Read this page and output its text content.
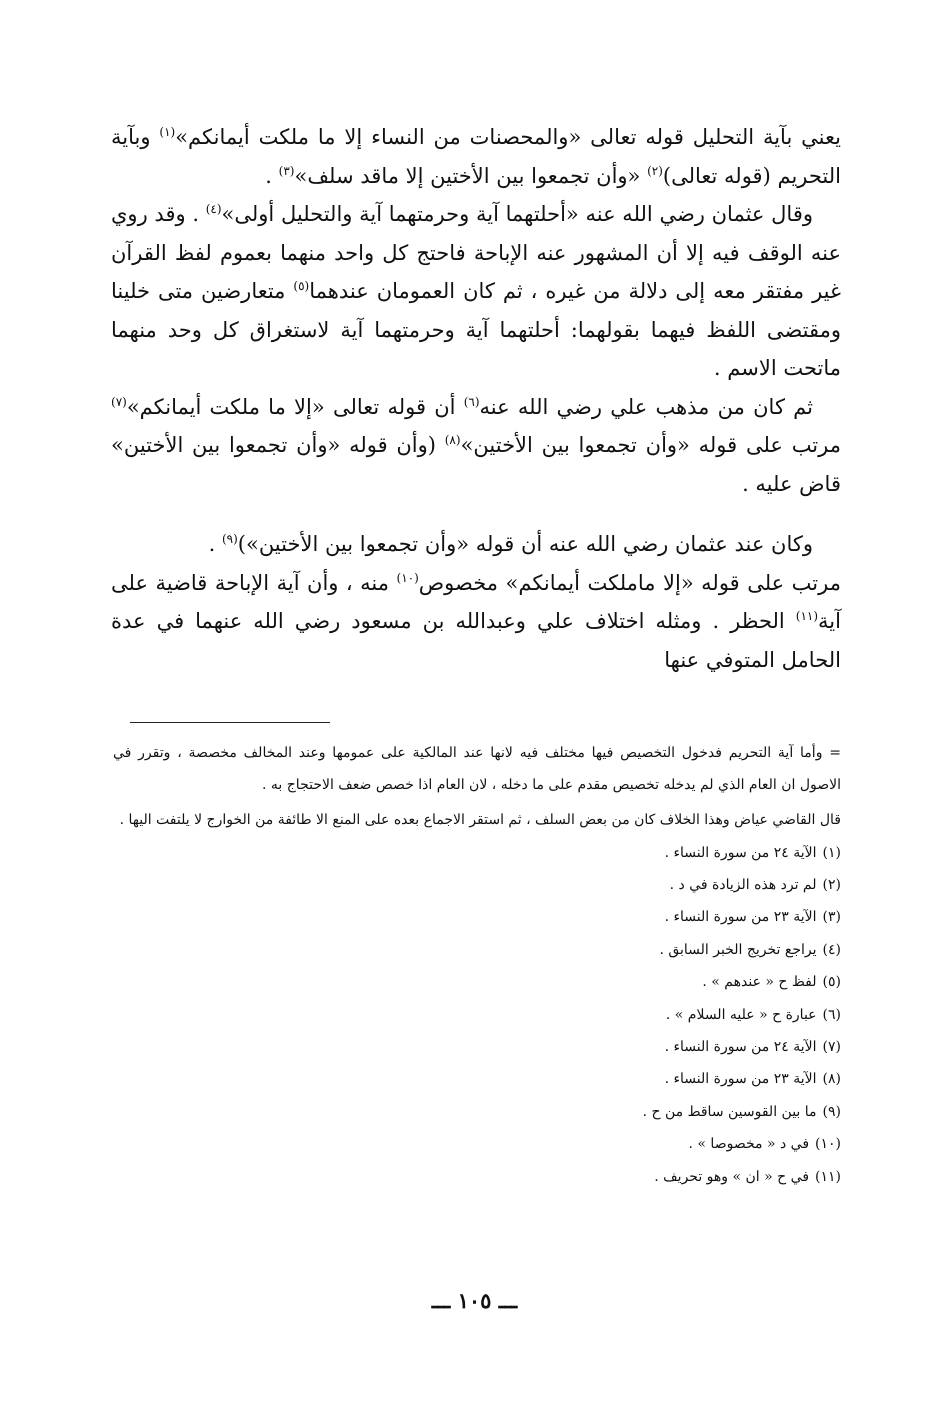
يعني بآية التحليل قوله تعالى «والمحصنات من النساء إلا ما ملكت أيمانكم»$^{(١)}$ وبآية التحريم (قوله تعالى)$^{(٢)}$ «وأن تجمعوا بين الأختين إلا ماقد سلف»$^{(٣)}$ .

وقال عثمان رضي الله عنه «أحلتهما آية وحرمتهما آية والتحليل أولى»$^{(٤)}$ . وقد روي عنه الوقف فيه إلا أن المشهور عنه الإباحة فاحتج كل واحد منهما بعموم لفظ القرآن غير مفتقر معه إلى دلالة من غيره ، ثم كان العمومان عندهما$^{(٥)}$ متعارضين متى خلينا ومقتضى اللفظ فيهما بقولهما: أحلتهما آية وحرمتهما آية لاستغراق كل وحد منهما ماتحت الاسم .

ثم كان من مذهب علي رضي الله عنه$^{(٦)}$ أن قوله تعالى «إلا ما ملكت أيمانكم»$^{(٧)}$ مرتب على قوله «وأن تجمعوا بين الأختين»$^{(٨)}$ (وأن قوله «وأن تجمعوا بين الأختين» قاض عليه .

وكان عند عثمان رضي الله عنه أن قوله «وأن تجمعوا بين الأختين»)$^{(٩)}$ .

مرتب على قوله «إلا ماملكت أيمانكم» مخصوص$^{(١٠)}$ منه ، وأن آية الإباحة قاضية على آية$^{(١١)}$ الحظر . ومثله اختلاف علي وعبدالله بن مسعود رضي الله عنهما في عدة الحامل المتوفي عنها

= وأما آية التحريم فدخول التخصيص فيها مختلف فيه لانها عند المالكية على عمومها وعند المخالف مخصصة ، وتقرر في الاصول ان العام الذي لم يدخله تخصيص مقدم على ما دخله ، لان العام اذا خصص ضعف الاحتجاج به .

قال القاضي عياض وهذا الخلاف كان من بعض السلف ، ثم استقر الاجماع بعده على المنع الا طائفة من الخوارج لا يلتفت اليها .

(١)الآية ٢٤ من سورة النساء .
(٢)لم ترد هذه الزيادة في د .
(٣)الآية ٢٣ من سورة النساء .
(٤)يراجع تخريج الخبر السابق .
(٥)لفظ ح « عندهم » .
(٦)عبارة ح « عليه السلام » .
(٧)الآية ٢٤ من سورة النساء .
(٨)الآية ٢٣ من سورة النساء .
(٩)ما بين القوسين ساقط من ح .
(١٠)في د « مخصوصا » .
(١١)في ح « ان » وهو تحريف .
ـــ ١٠٥ ـــ
